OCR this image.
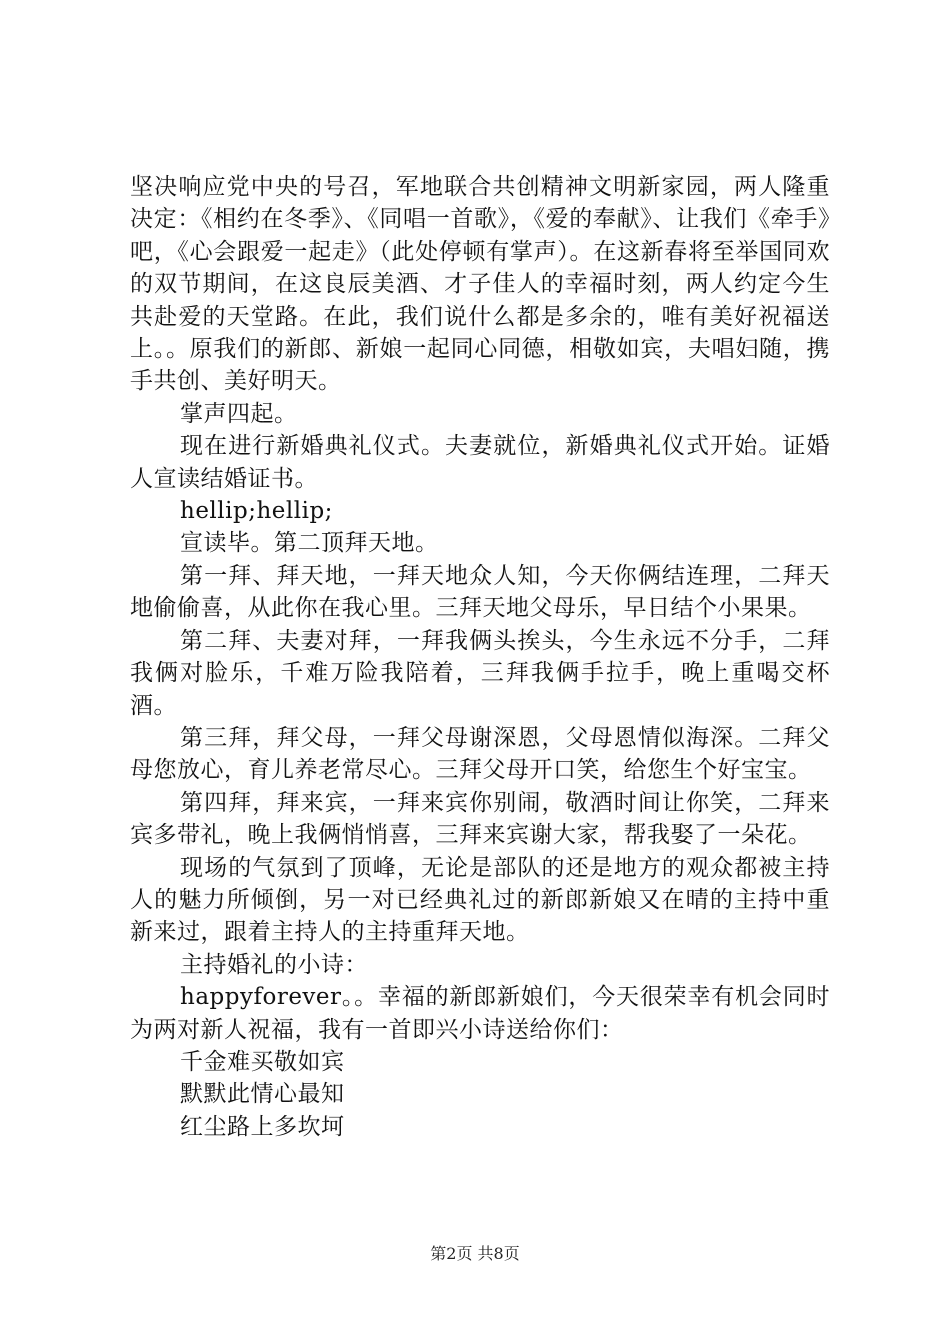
坚决响应党中央的号召，军地联合共创精神文明新家园，两人隆重决定：《相约在冬季》、《同唱一首歌》，《爱的奉献》、让我们《牵手》吧，《心会跟爱一起走》（此处停顿有掌声）。在这新春将至举国同欢的双节期间，在这良辰美酒、才子佳人的幸福时刻，两人约定今生共赴爱的天堂路。在此，我们说什么都是多余的，唯有美好祝福送上。。原我们的新郎、新娘一起同心同德，相敬如宾，夫唱妇随，携手共创、美好明天。

掌声四起。

现在进行新婚典礼仪式。夫妻就位，新婚典礼仪式开始。证婚人宣读结婚证书。

hellip;hellip;

宣读毕。第二顶拜天地。

第一拜、拜天地，一拜天地众人知，今天你俩结连理，二拜天地偷偷喜，从此你在我心里。三拜天地父母乐，早日结个小果果。

第二拜、夫妻对拜，一拜我俩头挨头，今生永远不分手，二拜我俩对脸乐，千难万险我陪着，三拜我俩手拉手，晚上重喝交杯酒。

第三拜，拜父母，一拜父母谢深恩，父母恩情似海深。二拜父母您放心，育儿养老常尽心。三拜父母开口笑，给您生个好宝宝。

第四拜，拜来宾，一拜来宾你别闹，敬酒时间让你笑，二拜来宾多带礼，晚上我俩悄悄喜，三拜来宾谢大家，帮我娶了一朵花。

现场的气氛到了顶峰，无论是部队的还是地方的观众都被主持人的魅力所倾倒，另一对已经典礼过的新郎新娘又在晴的主持中重新来过，跟着主持人的主持重拜天地。

主持婚礼的小诗：

happyforever。。幸福的新郎新娘们，今天很荣幸有机会同时为两对新人祝福，我有一首即兴小诗送给你们：

千金难买敬如宾

默默此情心最知

红尘路上多坎坷

第2页 共8页
